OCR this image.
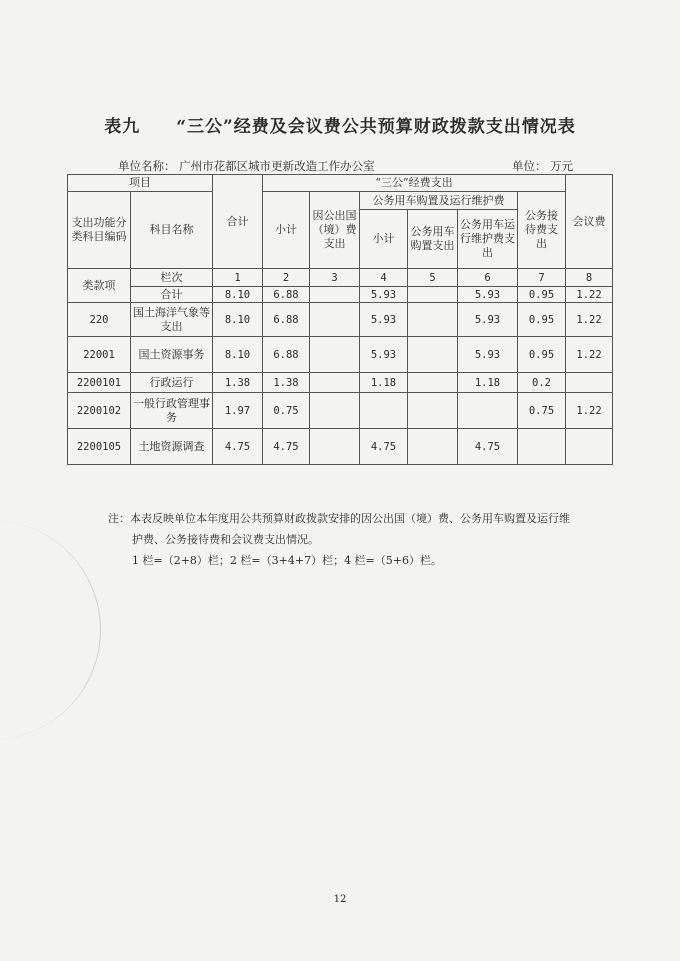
表九 “三公”经费及会议费公共预算财政拨款支出情况表
单位名称： 广州市花都区城市更新改造工作办公室	单位： 万元
项目		合计	“三公”经费支出						会议费
支出功能分类科目编码	科目名称		小计	因公出国（境）费支出	公务用车购置及运行维护费			公务接待费支出	
					小计	公务用车购置支出	公务用车运行维护费支出		
类款项	栏次	1	2	3	4	5	6	7	8
	合计	8.10	6.88		5.93		5.93	0.95	1.22
220	国土海洋气象等支出	8.10	6.88		5.93		5.93	0.95	1.22
22001	国土资源事务	8.10	6.88		5.93		5.93	0.95	1.22
2200101	行政运行	1.38	1.38		1.18		1.18	0.2	
2200102	一般行政管理事务	1.97	0.75					0.75	1.22
2200105	土地资源调查	4.75	4.75		4.75		4.75		
注：本表反映单位本年度用公共预算财政拨款安排的因公出国（境）费、公务用车购置及运行维
护费、公务接待费和会议费支出情况。
1 栏=（2+8）栏；2 栏=（3+4+7）栏；4 栏=（5+6）栏。
12
